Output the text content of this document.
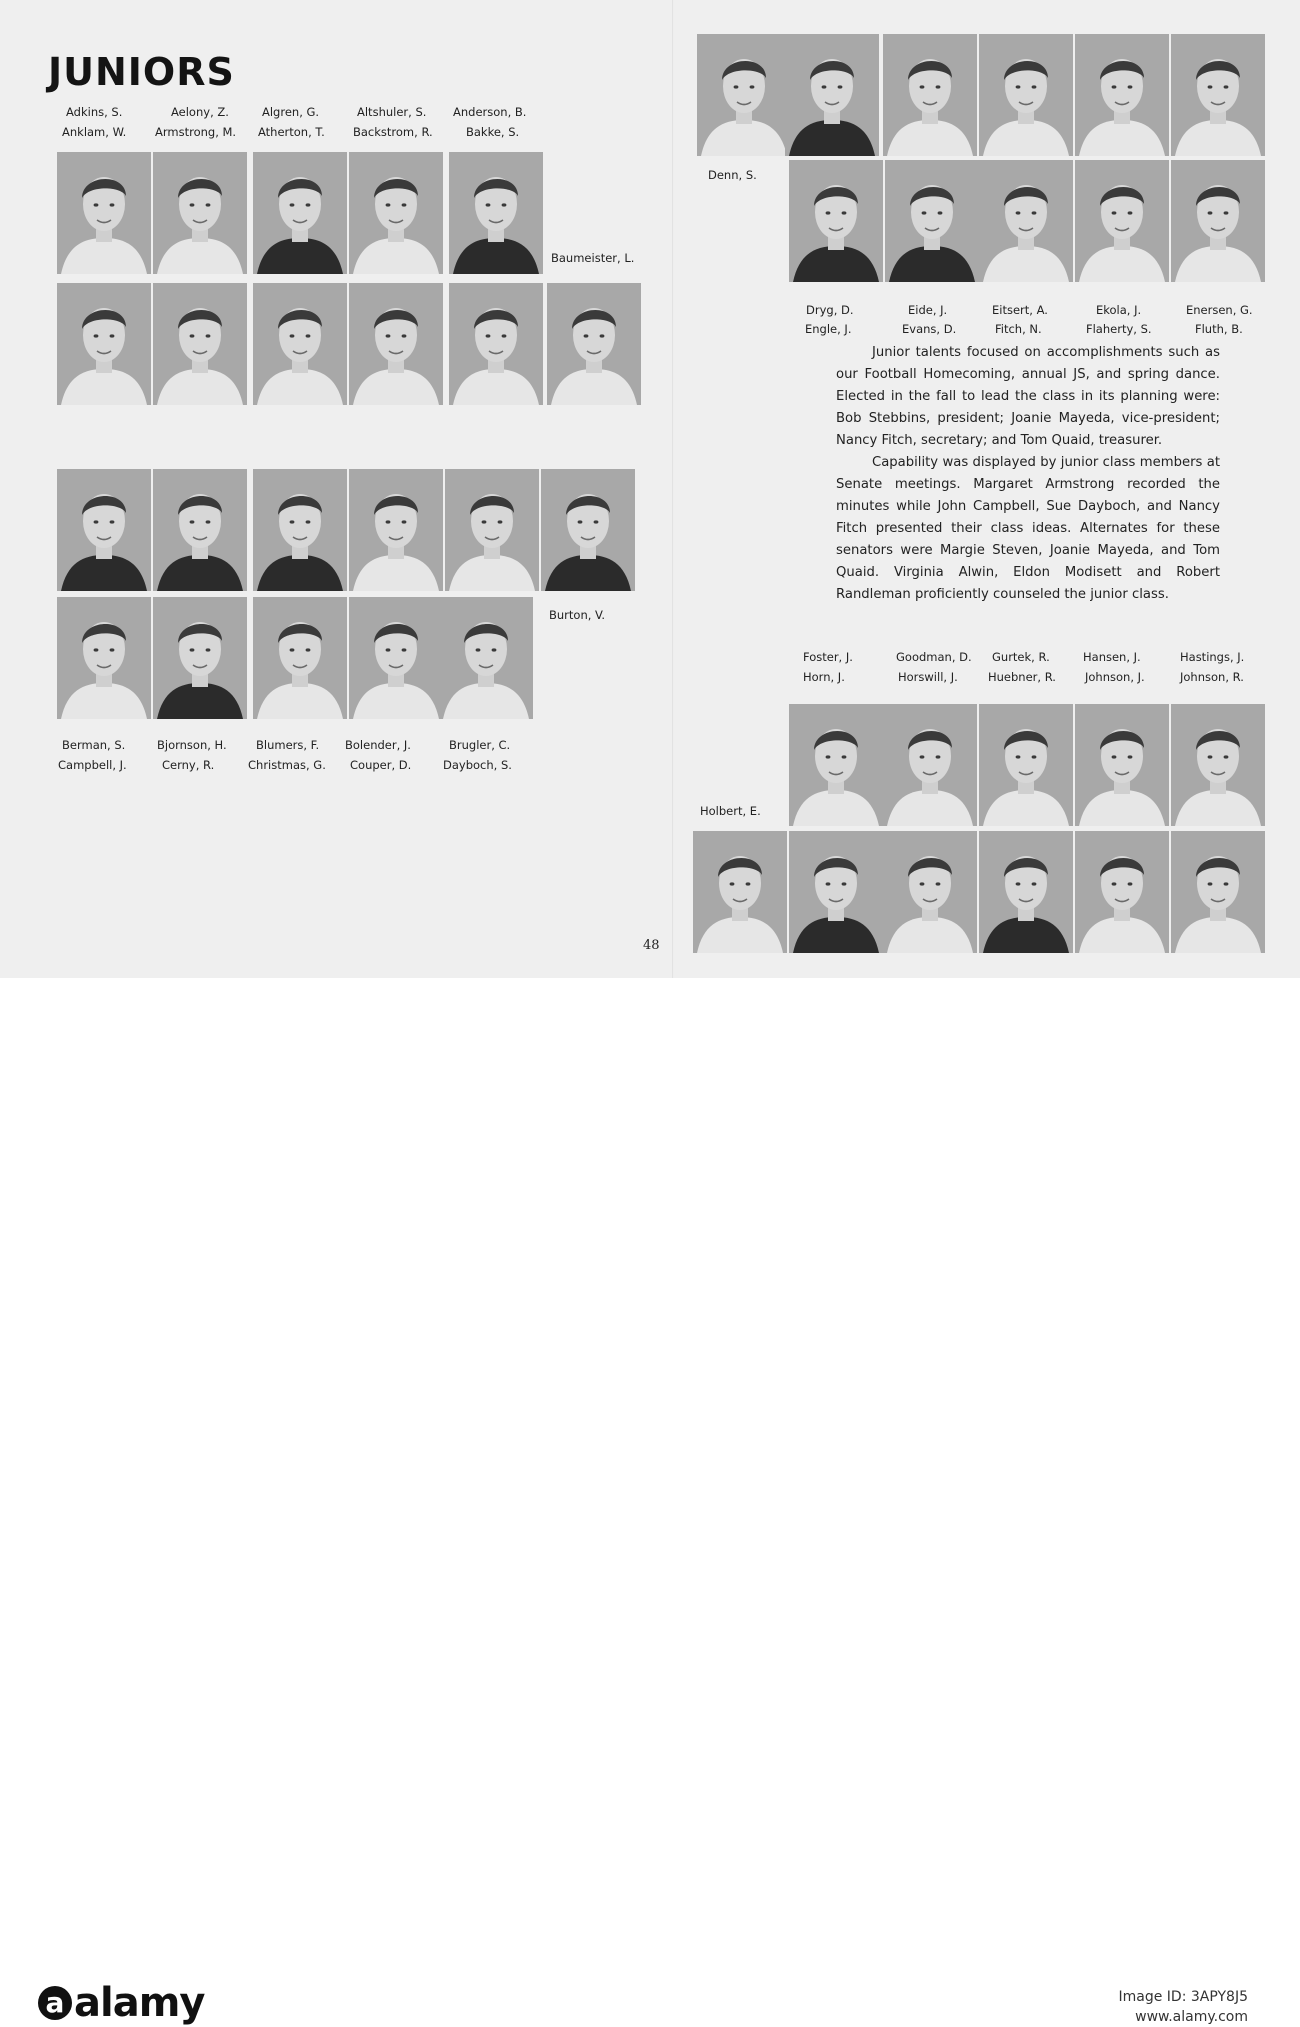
JUNIORS
Adkins, S.	Aelony, Z.	Algren, G.	Altshuler, S. Anderson, B.
Anklam, W. Armstrong, M. Atherton, T. Backstrom, R.	Bakke, S.
Baumeister, L.
Burton, V.
Berman, S.	Bjornson, H.	Blumers, F. Bolender, J.	Brugler, C.
Campbell, J.	Cerny, R.	Christmas, G. Couper, D.	Dayboch, S.
Denn, S.
Dryg, D.	Eide, J.	Eitsert, A.	Ekola, J.	Enersen, G.
Engle, J.	Evans, D.	Fitch, N.	Flaherty, S.	Fluth, B.

Junior talents focused on accomplishments such as our Football Homecoming, annual JS, and spring dance. Elected in the fall to lead the class in its planning were: Bob Stebbins, president; Joanie Mayeda, vice-president; Nancy Fitch, secretary; and Tom Quaid, treasurer.

Capability was displayed by junior class members at Senate meetings. Margaret Armstrong recorded the minutes while John Campbell, Sue Dayboch, and Nancy Fitch presented their class ideas. Alternates for these senators were Margie Steven, Joanie Mayeda, and Tom Quaid. Virginia Alwin, Eldon Modisett and Robert Randleman proficiently counseled the junior class.

Foster, J.	Goodman, D. Gurtek, R.	Hansen, J.	Hastings, J.
Horn, J.	Horswill, J.	Huebner, R.	Johnson, J.	Johnson, R.
Holbert, E.
48
a alamy	Image ID: 3APY8J5
www.alamy.com
